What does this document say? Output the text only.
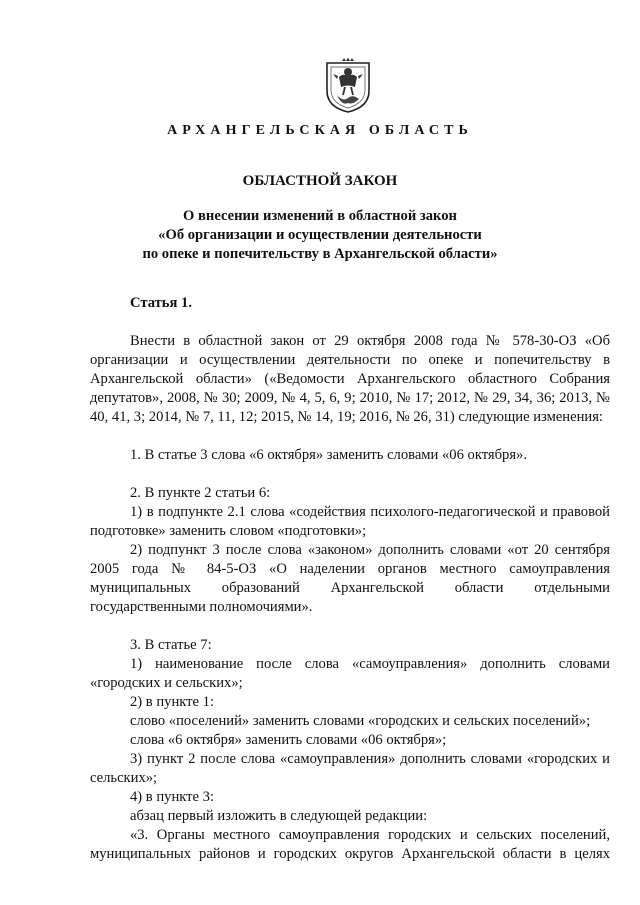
АРХАНГЕЛЬСКАЯ ОБЛАСТЬ
ОБЛАСТНОЙ ЗАКОН
О внесении изменений в областной закон
«Об организации и осуществлении деятельности
по опеке и попечительству в Архангельской области»

Статья 1.

Внести в областной закон от 29 октября 2008 года № 578-30-ОЗ «Об организации и осуществлении деятельности по опеке и попечительству в Архангельской области» («Ведомости Архангельского областного Собрания депутатов», 2008, № 30; 2009, № 4, 5, 6, 9; 2010, № 17; 2012, № 29, 34, 36; 2013, № 40, 41, 3; 2014, № 7, 11, 12; 2015, № 14, 19; 2016, № 26, 31) следующие изменения:

1. В статье 3 слова «6 октября» заменить словами «06 октября».

2. В пункте 2 статьи 6:

1) в подпункте 2.1 слова «содействия психолого-педагогической и правовой подготовке» заменить словом «подготовки»;

2) подпункт 3 после слова «законом» дополнить словами «от 20 сентября 2005 года № 84-5-ОЗ «О наделении органов местного самоуправления муниципальных образований Архангельской области отдельными государственными полномочиями».

3. В статье 7:

1) наименование после слова «самоуправления» дополнить словами «городских и сельских»;

2) в пункте 1:

слово «поселений» заменить словами «городских и сельских поселений»;

слова «6 октября» заменить словами «06 октября»;

3) пункт 2 после слова «самоуправления» дополнить словами «городских и сельских»;

4) в пункте 3:

абзац первый изложить в следующей редакции:

«3. Органы местного самоуправления городских и сельских поселений, муниципальных районов и городских округов Архангельской области в целях
